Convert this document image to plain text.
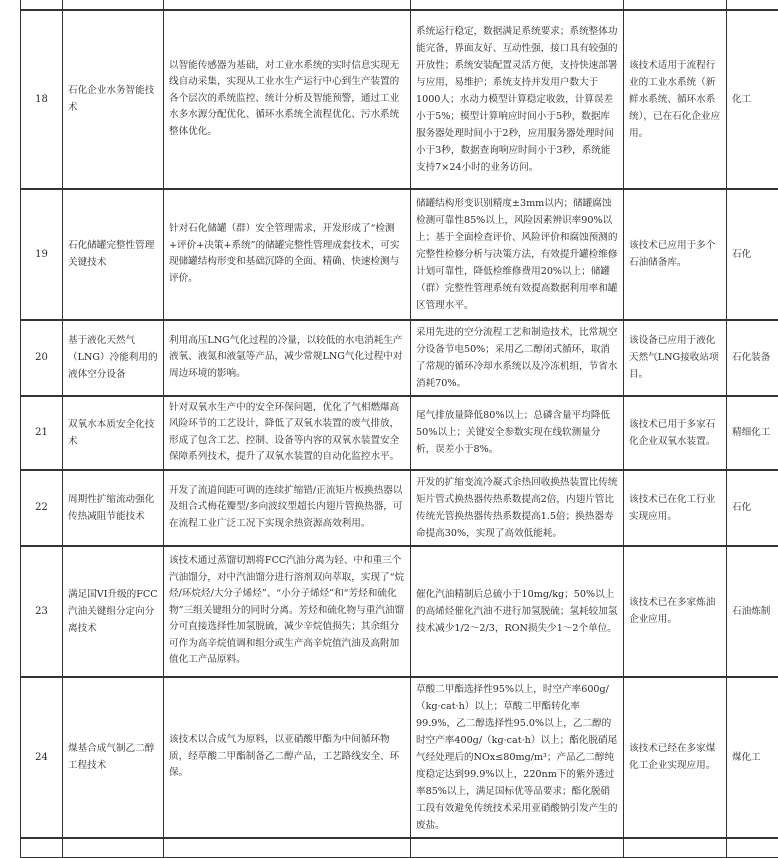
18	石化企业水务智能技术	以智能传感器为基础，对工业水系统的实时信息实现无线自动采集，实现从工业水生产运行中心到生产装置的各个层次的系统监控、统计分析及智能预警，通过工业水多水源分配优化、循环水系统全流程优化、污水系统整体优化。	系统运行稳定，数据满足系统要求；系统整体功能完备，界面友好、互动性强，接口具有较强的开放性；系统安装配置灵活方便，支持快速部署与应用，易维护；系统支持并发用户数大于1000人；水动力模型计算稳定收敛，计算误差小于5%；模型计算响应时间小于5秒，数据库服务器处理时间小于2秒，应用服务器处理时间小于3秒，数据查询响应时间小于3秒，系统能支持7×24小时的业务访问。	该技术适用于流程行业的工业水系统（新鲜水系统、循环水系统），已在石化企业应用。	化工
19	石化储罐完整性管理关键技术	针对石化储罐（群）安全管理需求，开发形成了“检测+评价+决策+系统”的储罐完整性管理成套技术，可实现储罐结构形变和基础沉降的全面、精确、快速检测与评价。	储罐结构形变识别精度±3mm以内；储罐腐蚀检测可靠性85%以上，风险因素辨识率90%以上；基于全面检查评价、风险评价和腐蚀预测的完整性检修分析与决策方法，有效提升罐检维修计划可靠性，降低检维修费用20%以上；储罐（群）完整性管理系统有效提高数据利用率和罐区管理水平。	该技术已应用于多个石油储备库。	石化
20	基于液化天然气（LNG）冷能利用的液体空分设备	利用高压LNG气化过程的冷量，以较低的水电消耗生产液氧、液氮和液氩等产品，减少常规LNG气化过程中对周边环境的影响。	采用先进的空分流程工艺和制造技术，比常规空分设备节电50%；采用乙二醇闭式循环，取消了常规的循环冷却水系统以及冷冻机组，节省水消耗70%。	该设备已应用于液化天然气LNG接收站项目。	石化装备
21	双氧水本质安全化技术	针对双氧水生产中的安全环保问题，优化了气相燃爆高风险环节的工艺设计，降低了双氧水装置的废气排放，形成了包含工艺、控制、设备等内容的双氧水装置安全保障系列技术，提升了双氧水装置的自动化监控水平。	尾气排放量降低80%以上；总磷含量平均降低50%以上；关键安全参数实现在线软测量分析，误差小于8%。	该技术已用于多家石化企业双氧水装置。	精细化工
22	周期性扩缩流动强化传热减阻节能技术	开发了流道间距可调的连续扩缩错/正流矩片板换热器以及组合式梅花瓣型/多向波纹型超长内翅片管换热器，可在流程工业广泛工况下实现余热资源高效利用。	开发的扩缩变流冷凝式余热回收换热装置比传统矩片管式换热器传热系数提高2倍，内翅片管比传统光管换热器传热系数提高1.5倍；换热器寿命提高30%，实现了高效低能耗。	该技术已在化工行业实现应用。	石化
23	满足国VI升级的FCC汽油关键组分定向分离技术	该技术通过蒸馏切割将FCC汽油分离为轻、中和重三个汽油馏分，对中汽油馏分进行溶剂双向萃取，实现了“烷烃/环烷烃/大分子烯烃”、“小分子烯烃”和“芳烃和硫化物”三组关键组分的同时分离。芳烃和硫化物与重汽油馏分可直接选择性加氢脱硫，减少辛烷值损失；其余组分可作为高辛烷值调和组分或生产高辛烷值汽油及高附加值化工产品原料。	催化汽油精制后总硫小于10mg/kg；50%以上的高烯烃催化汽油不进行加氢脱硫；氢耗较加氢技术减少1/2～2/3，RON损失少1～2个单位。	该技术已在多家炼油企业应用。	石油炼制
24	煤基合成气制乙二醇工程技术	该技术以合成气为原料，以亚硝酸甲酯为中间循环物质，经草酸二甲酯制备乙二醇产品，工艺路线安全、环保。	草酸二甲酯选择性95%以上，时空产率600g/（kg·cat·h）以上；草酸二甲酯转化率99.9%，乙二醇选择性95.0%以上，乙二醇的时空产率400g/（kg·cat·h）以上；酯化脱硝尾气经处理后的NOx≤80mg/m³；产品乙二醇纯度稳定达到99.9%以上，220nm下的紫外透过率85%以上，满足国标优等品要求；酯化脱硝工段有效避免传统技术采用亚硝酸钠引发产生的废盐。	该技术已经在多家煤化工企业实现应用。	煤化工
